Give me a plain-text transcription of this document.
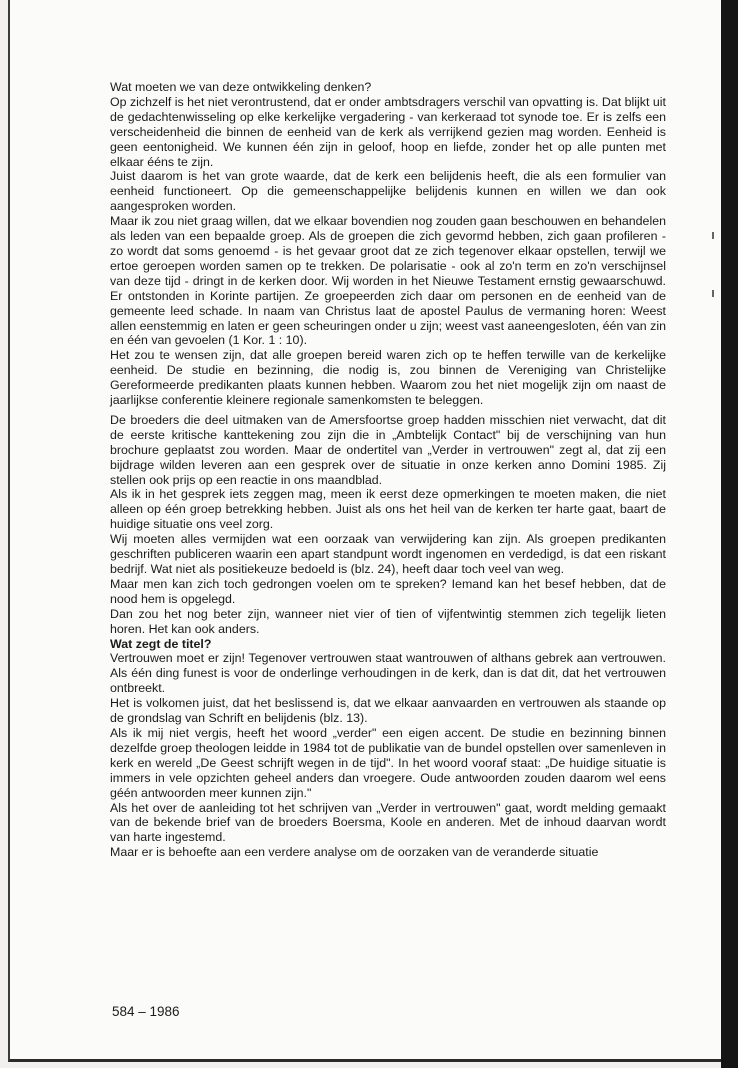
Wat moeten we van deze ontwikkeling denken?

Op zichzelf is het niet verontrustend, dat er onder ambtsdragers verschil van opvatting is. Dat blijkt uit de gedachtenwisseling op elke kerkelijke vergadering - van kerkeraad tot synode toe. Er is zelfs een verscheidenheid die binnen de eenheid van de kerk als verrijkend gezien mag worden. Eenheid is geen eentonigheid. We kunnen één zijn in geloof, hoop en liefde, zonder het op alle punten met elkaar ééns te zijn.

Juist daarom is het van grote waarde, dat de kerk een belijdenis heeft, die als een formulier van eenheid functioneert. Op die gemeenschappelijke belijdenis kunnen en willen we dan ook aangesproken worden.

Maar ik zou niet graag willen, dat we elkaar bovendien nog zouden gaan beschouwen en behandelen als leden van een bepaalde groep. Als de groepen die zich gevormd hebben, zich gaan profileren - zo wordt dat soms genoemd - is het gevaar groot dat ze zich tegenover elkaar opstellen, terwijl we ertoe geroepen worden samen op te trekken. De polarisatie - ook al zo'n term en zo'n verschijnsel van deze tijd - dringt in de kerken door. Wij worden in het Nieuwe Testament ernstig gewaarschuwd. Er ontstonden in Korinte partijen. Ze groepeerden zich daar om personen en de eenheid van de gemeente leed schade. In naam van Christus laat de apostel Paulus de vermaning horen: Weest allen eenstemmig en laten er geen scheuringen onder u zijn; weest vast aaneengesloten, één van zin en één van gevoelen (1 Kor. 1 : 10).

Het zou te wensen zijn, dat alle groepen bereid waren zich op te heffen terwille van de kerkelijke eenheid. De studie en bezinning, die nodig is, zou binnen de Vereniging van Christelijke Gereformeerde predikanten plaats kunnen hebben. Waarom zou het niet mogelijk zijn om naast de jaarlijkse conferentie kleinere regionale samenkomsten te beleggen.

De broeders die deel uitmaken van de Amersfoortse groep hadden misschien niet verwacht, dat dit de eerste kritische kanttekening zou zijn die in „Ambtelijk Contact" bij de verschijning van hun brochure geplaatst zou worden. Maar de ondertitel van „Verder in vertrouwen" zegt al, dat zij een bijdrage wilden leveren aan een gesprek over de situatie in onze kerken anno Domini 1985. Zij stellen ook prijs op een reactie in ons maandblad.

Als ik in het gesprek iets zeggen mag, meen ik eerst deze opmerkingen te moeten maken, die niet alleen op één groep betrekking hebben. Juist als ons het heil van de kerken ter harte gaat, baart de huidige situatie ons veel zorg.

Wij moeten alles vermijden wat een oorzaak van verwijdering kan zijn. Als groepen predikanten geschriften publiceren waarin een apart standpunt wordt ingenomen en verdedigd, is dat een riskant bedrijf. Wat niet als positiekeuze bedoeld is (blz. 24), heeft daar toch veel van weg.

Maar men kan zich toch gedrongen voelen om te spreken? Iemand kan het besef hebben, dat de nood hem is opgelegd.

Dan zou het nog beter zijn, wanneer niet vier of tien of vijfentwintig stemmen zich tegelijk lieten horen. Het kan ook anders.

Wat zegt de titel?

Vertrouwen moet er zijn! Tegenover vertrouwen staat wantrouwen of althans gebrek aan vertrouwen. Als één ding funest is voor de onderlinge verhoudingen in de kerk, dan is dat dit, dat het vertrouwen ontbreekt.

Het is volkomen juist, dat het beslissend is, dat we elkaar aanvaarden en vertrouwen als staande op de grondslag van Schrift en belijdenis (blz. 13).

Als ik mij niet vergis, heeft het woord „verder" een eigen accent. De studie en bezinning binnen dezelfde groep theologen leidde in 1984 tot de publikatie van de bundel opstellen over samenleven in kerk en wereld „De Geest schrijft wegen in de tijd". In het woord vooraf staat: „De huidige situatie is immers in vele opzichten geheel anders dan vroegere. Oude antwoorden zouden daarom wel eens géén antwoorden meer kunnen zijn."

Als het over de aanleiding tot het schrijven van „Verder in vertrouwen" gaat, wordt melding gemaakt van de bekende brief van de broeders Boersma, Koole en anderen. Met de inhoud daarvan wordt van harte ingestemd.

Maar er is behoefte aan een verdere analyse om de oorzaken van de veranderde situatie

584 – 1986
